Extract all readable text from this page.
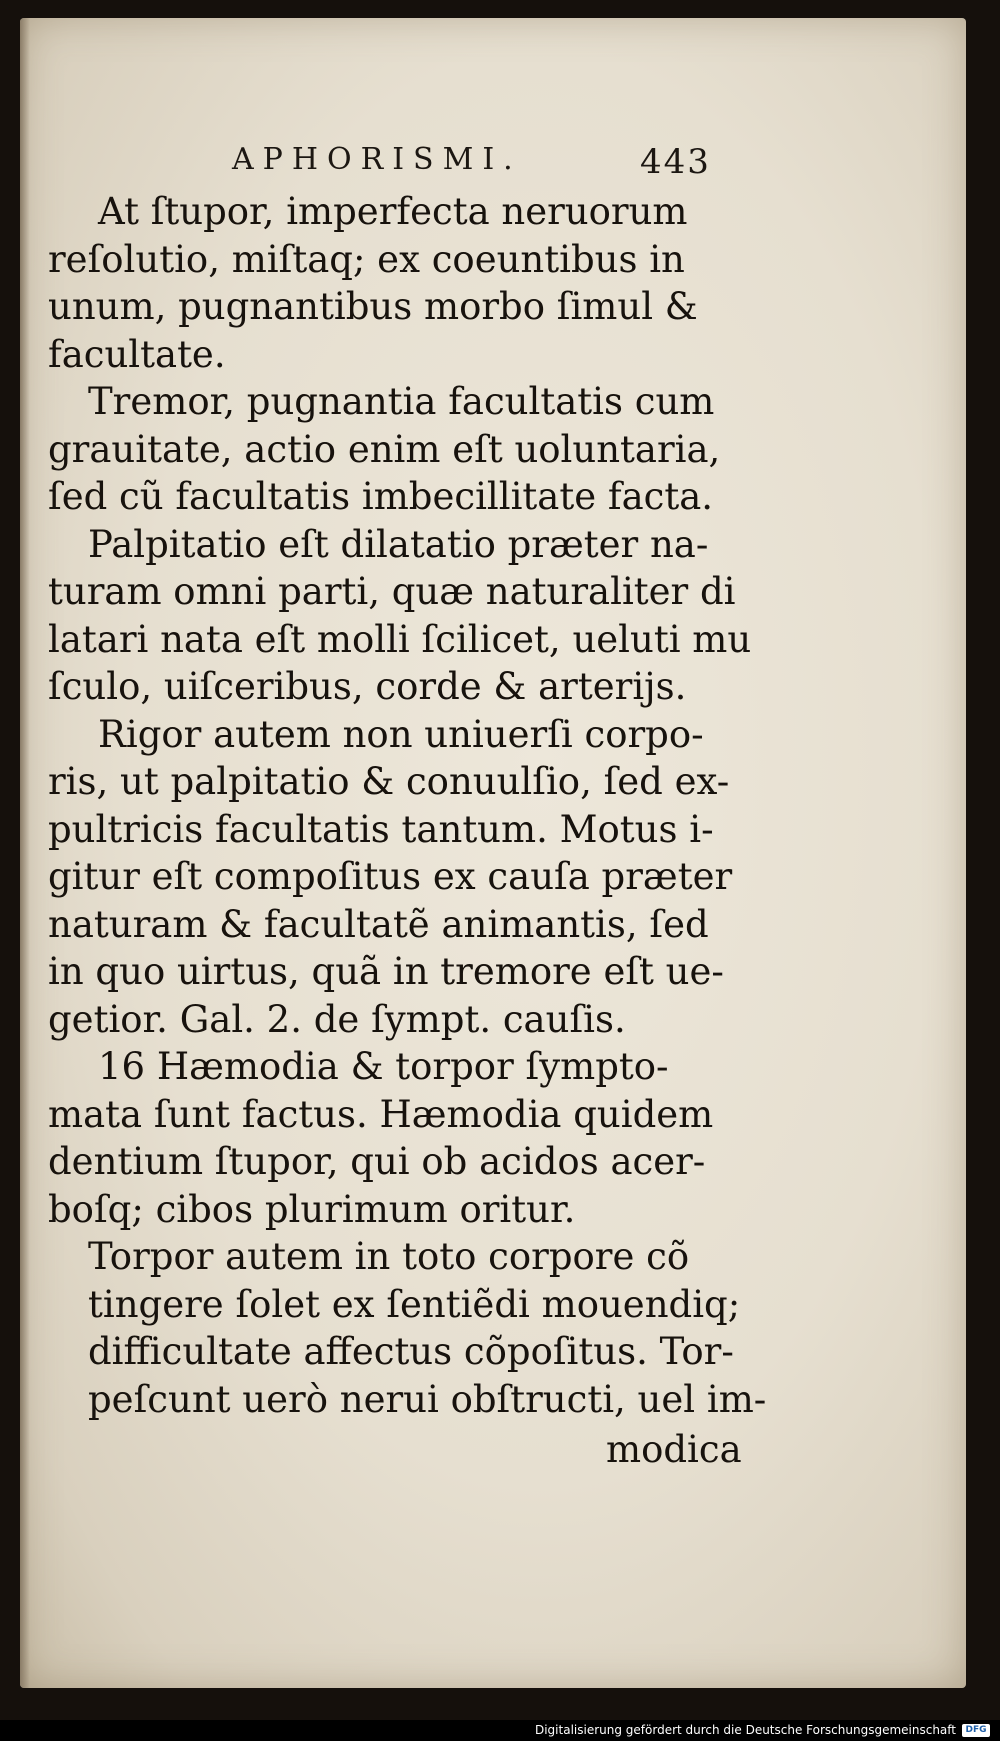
APHORISMI.	443
At ſtupor, imperfecta neruorum
reſolutio, miſtaq; ex coeuntibus in
unum, pugnantibus morbo ſimul &
facultate.
Tremor, pugnantia facultatis cum
grauitate, actio enim eſt uoluntaria,
ſed cũ facultatis imbecillitate facta.
Palpitatio eſt dilatatio præter na-
turam omni parti, quæ naturaliter di
latari nata eſt molli ſcilicet, ueluti mu
ſculo, uiſceribus, corde & arterijs.
Rigor autem non uniuerſi corpo-
ris, ut palpitatio & conuulſio, ſed ex-
pultricis facultatis tantum. Motus i-
gitur eſt compoſitus ex cauſa præter
naturam & facultatẽ animantis, ſed
in quo uirtus, quã in tremore eſt ue-
getior. Gal. 2. de ſympt. cauſis.
16 Hæmodia & torpor ſympto-
mata ſunt factus. Hæmodia quidem
dentium ſtupor, qui ob acidos acer-
boſq; cibos plurimum oritur.
Torpor autem in toto corpore cõ
tingere ſolet ex ſentiẽdi mouendiq;
difficultate affectus cõpoſitus. Tor-
peſcunt uerò nerui obſtructi, uel im-
modica
Digitalisierung gefördert durch die Deutsche Forschungsgemeinschaft	DFG
